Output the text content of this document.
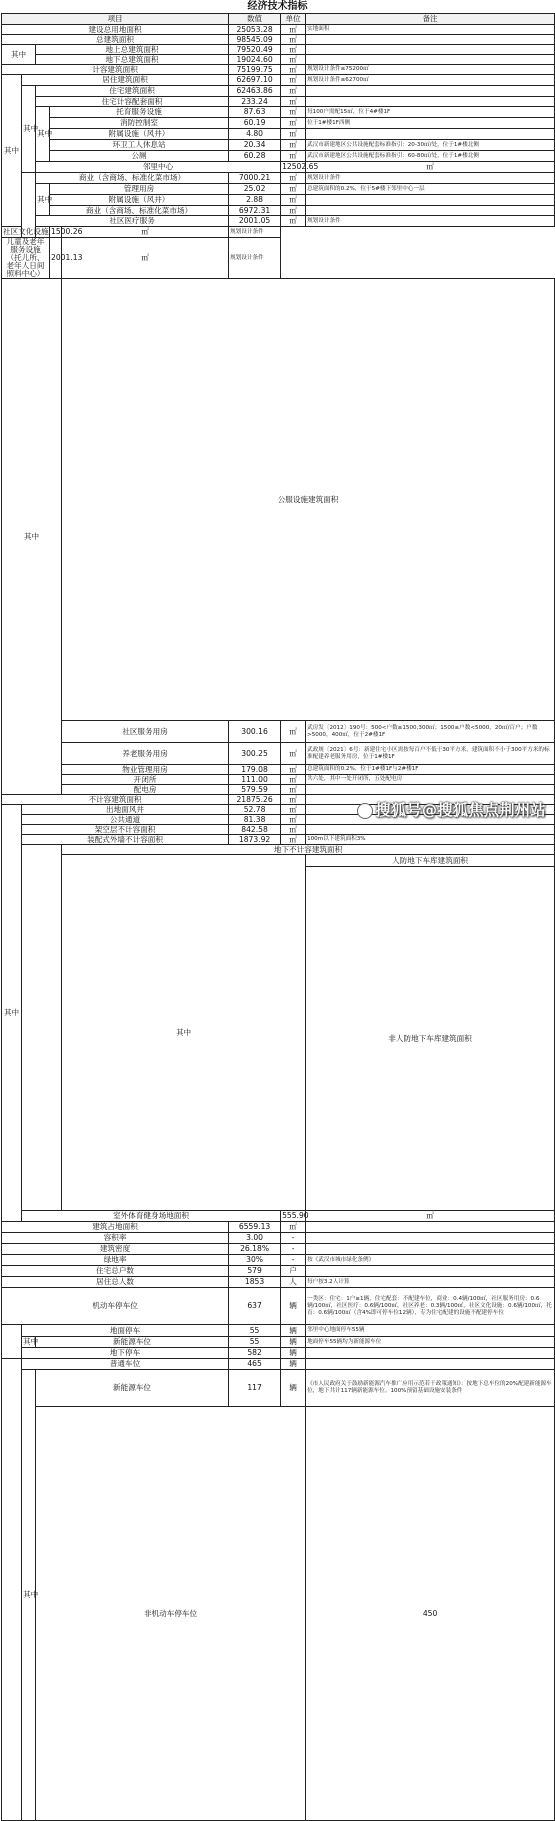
经济技术指标
项目					数值	单位	备注	
建设总用地面积					25053.28	㎡	实地面积	
总建筑面积					98545.09	㎡		
其中		地上总建筑面积			79520.49	㎡		
		地下总建筑面积			19024.60	㎡		
计容建筑面积					75199.75	㎡	规划设计条件≤75200㎡	
其中	居住建筑面积				62697.10	㎡	规划设计条件≤62700㎡	
	其中	住宅建筑面积			62463.86	㎡		
		住宅计容配套面积			233.24	㎡		
		其中	托育服务设施		87.63	㎡	每100户需配15㎡，位于4#楼1F	
			消防控制室		60.19	㎡	位于1#楼1F西侧	
			附属设施（风井）		4.80	㎡		
			环卫工人休息站		20.34	㎡	武汉市新建地区公共设施配套标准指引：20-30㎡/处，位于1#楼北侧	
			公厕		60.28	㎡	武汉市新建地区公共设施配套标准指引：60-80㎡/处，位于1#楼北侧	
		邻里中心				12502.65	㎡	
		商业（含商场、标准化菜市场）			7000.21	㎡	规划设计条件	
		其中	管理用房		25.02	㎡	总建筑面积的0.2%，位于5#楼下邻里中心一层	
			附属设施（风井）		2.88	㎡		
			商业（含商场、标准化菜市场）		6972.31	㎡		
		社区医疗服务			2001.05	㎡	规划设计条件	
社区文化设施			1500.26	㎡	规划设计条件			
儿童及老年服务设施（托儿所、老年人日间照料中心）			2001.13	㎡	规划设计条件			
其中				公服设施建筑面积			
				社区服务用房	300.16	㎡	武房发〔2012〕190号：500<户数≤1500,300㎡；1500≤户数<5000，20㎡/百户；户数>5000，400㎡，位于2#楼1F	
				养老服务用房	300.25	㎡	武政规〔2021〕6号：新建住宅小区需按每百户不低于30平方米，建筑面积不小于300平方米的标准配建养老服务用房，位于1#楼1F	
				物业管理用房	179.08	㎡	总建筑面积的0.2%，位于1#楼1F与2#楼1F	
				开闭所	111.00	㎡	共六处，其中一处开闭所，五处配电房	
				配电房	579.59	㎡		
不计容建筑面积					21875.26	㎡		
其中	出地面风井				52.78	㎡		
	公共通道				81.38	㎡		
	架空层不计容面积				842.58	㎡		
	装配式外墙不计容面积				1873.92	㎡	100m以下建筑面积3%	
				地下不计容建筑面积			
				其中			人防地下车库建筑面积			
							非人防地下车库建筑面积			
	室外体育健身场地面积					555.90	㎡	
建筑占地面积					6559.13	㎡		
容积率					3.00	-		
建筑密度					26.18%	-		
绿地率					30%	-	按《武汉市城市绿化条例》	
住宅总户数					579	户		
居住总人数					1853	人	每户按3.2人计算	
机动车停车位					637	辆	一类区：住宅：1户≥1辆，住宅配套：不配建车位，商业：0.4辆/100㎡，社区服务用房：0.6辆/100㎡，社区医疗：0.6辆/100㎡，社区养老：0.3辆/100㎡，社区文化设施：0.6辆/100㎡，托育：0.6辆/100㎡（含4%即可停车位12辆），专为住宅配建的设施不配建停车位	
	地面停车				55	辆	邻里中心地面停车55辆	
	其中	新能源车位			55	辆	地面停车55辆均为新能源车位	
	地下停车				582	辆		
	普通车位				465	辆		
	其中	新能源车位			117	辆	《市人民政府关于鼓励新能源汽车推广应用示范若干政策通知》：按地下总车位的20%配建新能源车位，地下共计117辆新能源车位。100%预留基础设施安装条件	
		非机动车停车位					450		
搜狐号@搜狐焦点荆州站
